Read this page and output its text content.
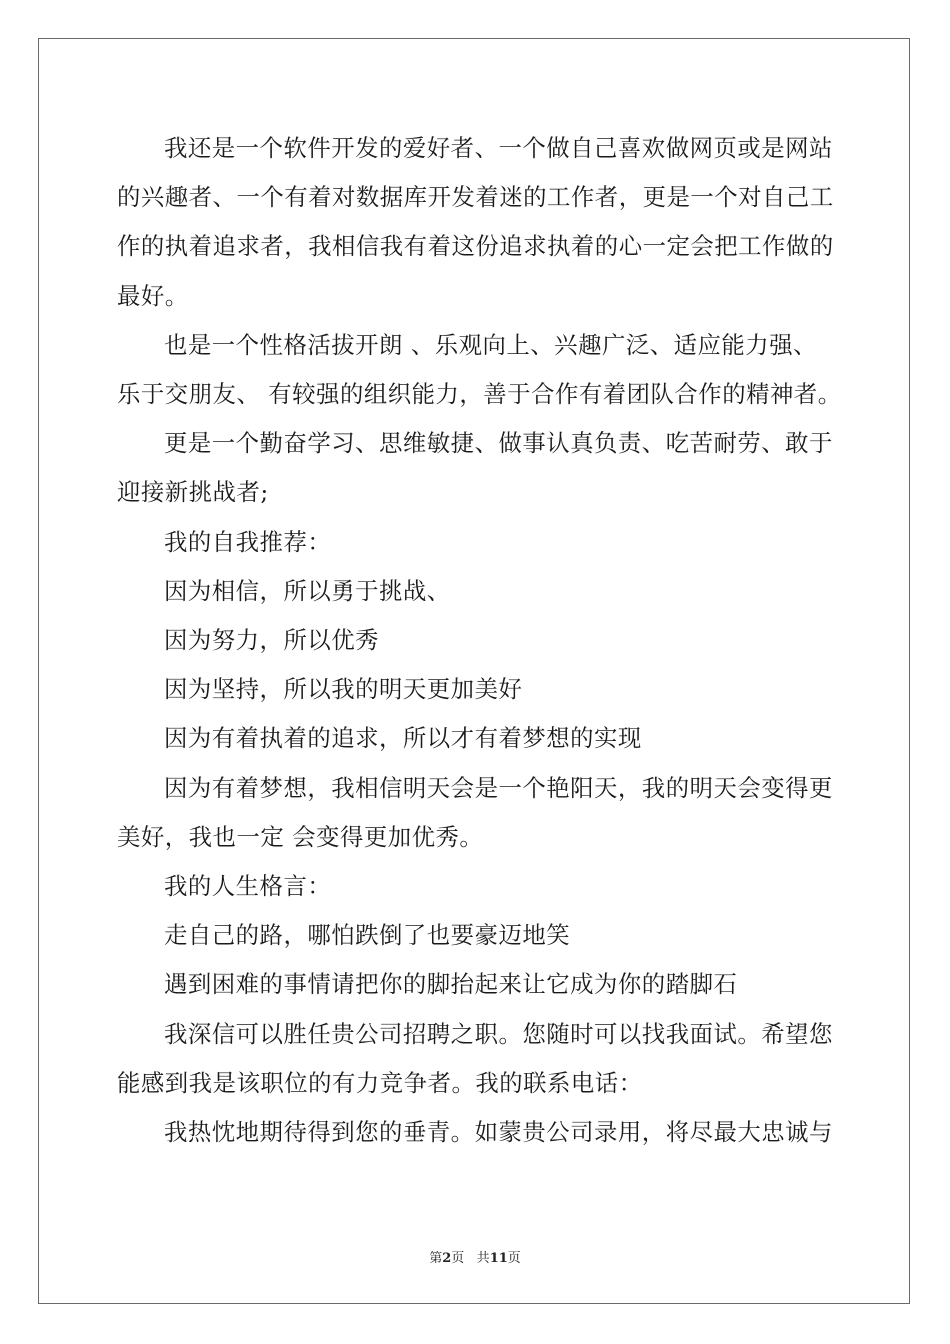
我还是一个软件开发的爱好者、一个做自己喜欢做网页或是网站

的兴趣者、一个有着对数据库开发着迷的工作者，更是一个对自己工

作的执着追求者，我相信我有着这份追求执着的心一定会把工作做的

最好。

也是一个性格活拔开朗 、乐观向上、兴趣广泛、适应能力强、

乐于交朋友、 有较强的组织能力，善于合作有着团队合作的精神者。

更是一个勤奋学习、思维敏捷、做事认真负责、吃苦耐劳、敢于

迎接新挑战者;

我的自我推荐：

因为相信，所以勇于挑战、

因为努力，所以优秀

因为坚持，所以我的明天更加美好

因为有着执着的追求，所以才有着梦想的实现

因为有着梦想，我相信明天会是一个艳阳天，我的明天会变得更

美好，我也一定 会变得更加优秀。

我的人生格言：

走自己的路，哪怕跌倒了也要豪迈地笑

遇到困难的事情请把你的脚抬起来让它成为你的踏脚石

我深信可以胜任贵公司招聘之职。您随时可以找我面试。希望您

能感到我是该职位的有力竞争者。我的联系电话：

我热忱地期待得到您的垂青。如蒙贵公司录用，将尽最大忠诚与

第2页 共11页
